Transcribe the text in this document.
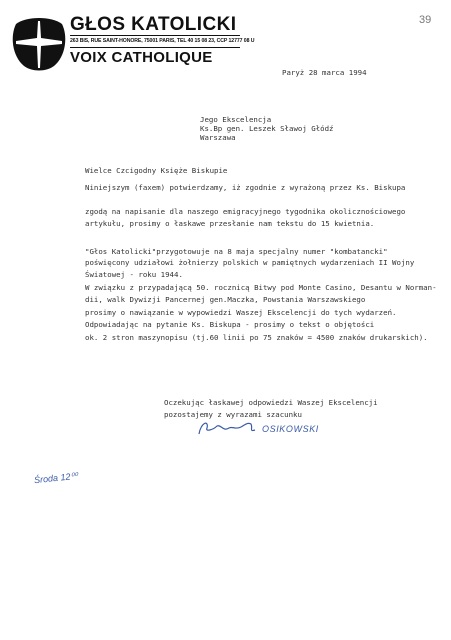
GŁOS KATOLICKI
263 BIS, RUE SAINT-HONORE, 75001 PARIS, TEL 40 15 08 23, CCP 12777 08 U
VOIX CATHOLIQUE
39
Paryż 28 marca 1994
Jego Ekscelencja
Ks.Bp gen. Leszek Sławoj Głódź
Warszawa
Wielce Czcigodny Księże Biskupie
Niniejszym (faxem) potwierdzamy, iż zgodnie z wyrażoną przez Ks. Biskupa
zgodą na napisanie dla naszego emigracyjnego tygodnika okolicznościowego
artykułu, prosimy o łaskawe przesłanie nam tekstu do 15 kwietnia.
"Głos Katolicki"przygotowuje na 8 maja specjalny numer "kombatancki"
poświęcony udziałowi żołnierzy polskich w pamiętnych wydarzeniach II Wojny
Światowej - roku 1944.
W związku z przypadającą 50. rocznicą Bitwy pod Monte Casino, Desantu w Norman-
dii, walk Dywizji Pancernej gen.Maczka, Powstania Warszawskiego
prosimy o nawiązanie w wypowiedzi Waszej Ekscelencji do tych wydarzeń.
Odpowiadając na pytanie Ks. Biskupa - prosimy o tekst o objętości
ok. 2 stron maszynopisu (tj.60 linii po 75 znaków = 4500 znaków drukarskich).
Oczekując łaskawej odpowiedzi Waszej Ekscelencji
pozostajemy z wyrazami szacunku
OSIKOWSKI
Środa 12⁰⁰
